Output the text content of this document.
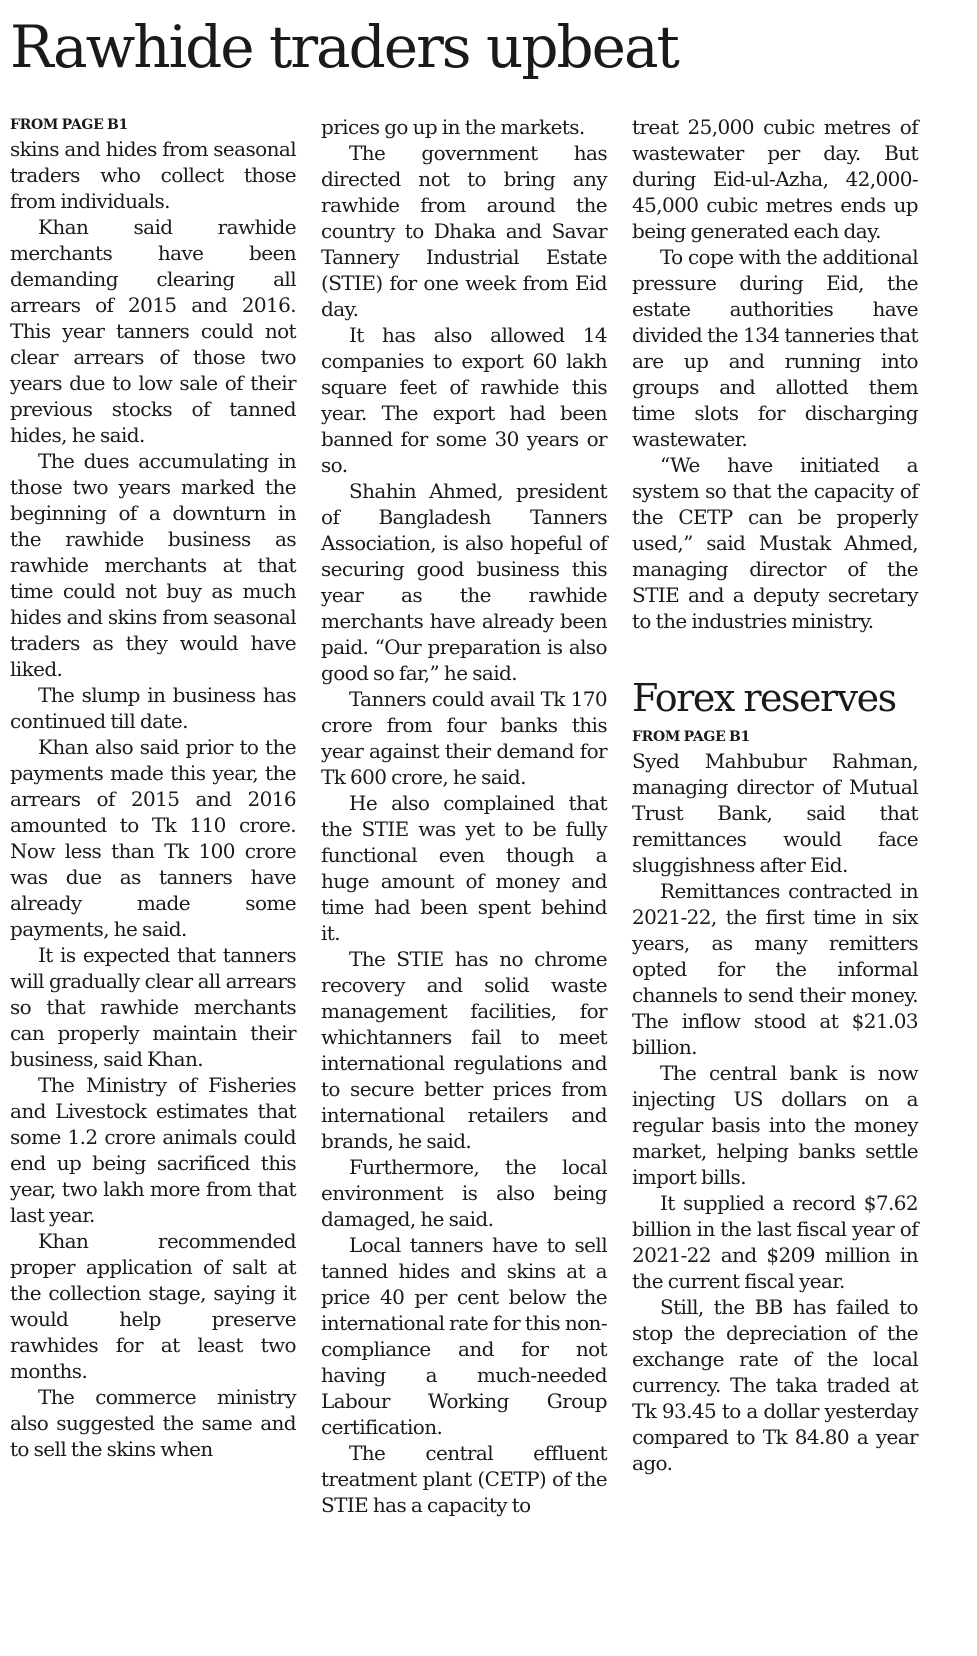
Rawhide traders upbeat
FROM PAGE B1

skins and hides from seasonal traders who collect those from individuals.

Khan said rawhide merchants have been demanding clearing all arrears of 2015 and 2016. This year tanners could not clear arrears of those two years due to low sale of their previous stocks of tanned hides, he said.

The dues accumulating in those two years marked the beginning of a downturn in the rawhide business as rawhide merchants at that time could not buy as much hides and skins from seasonal traders as they would have liked.

The slump in business has continued till date.

Khan also said prior to the payments made this year, the arrears of 2015 and 2016 amounted to Tk 110 crore. Now less than Tk 100 crore was due as tanners have already made some payments, he said.

It is expected that tanners will gradually clear all arrears so that rawhide merchants can properly maintain their business, said Khan.

The Ministry of Fisheries and Livestock estimates that some 1.2 crore animals could end up being sacrificed this year, two lakh more from that last year.

Khan recommended proper application of salt at the collection stage, saying it would help preserve rawhides for at least two months.

The commerce ministry also suggested the same and to sell the skins when

prices go up in the markets.

The government has directed not to bring any rawhide from around the country to Dhaka and Savar Tannery Industrial Estate (STIE) for one week from Eid day.

It has also allowed 14 companies to export 60 lakh square feet of rawhide this year. The export had been banned for some 30 years or so.

Shahin Ahmed, president of Bangladesh Tanners Association, is also hopeful of securing good business this year as the rawhide merchants have already been paid. “Our preparation is also good so far,” he said.

Tanners could avail Tk 170 crore from four banks this year against their demand for Tk 600 crore, he said.

He also complained that the STIE was yet to be fully functional even though a huge amount of money and time had been spent behind it.

The STIE has no chrome recovery and solid waste management facilities, for whichtanners fail to meet international regulations and to secure better prices from international retailers and brands, he said.

Furthermore, the local environment is also being damaged, he said.

Local tanners have to sell tanned hides and skins at a price 40 per cent below the international rate for this non-compliance and for not having a much-needed Labour Working Group certification.

The central effluent treatment plant (CETP) of the STIE has a capacity to

treat 25,000 cubic metres of wastewater per day. But during Eid-ul-Azha, 42,000-45,000 cubic metres ends up being generated each day.

To cope with the additional pressure during Eid, the estate authorities have divided the 134 tanneries that are up and running into groups and allotted them time slots for discharging wastewater.

“We have initiated a system so that the capacity of the CETP can be properly used,” said Mustak Ahmed, managing director of the STIE and a deputy secretary to the industries ministry.

Forex reserves
FROM PAGE B1

Syed Mahbubur Rahman, managing director of Mutual Trust Bank, said that remittances would face sluggishness after Eid.

Remittances contracted in 2021-22, the first time in six years, as many remitters opted for the informal channels to send their money. The inflow stood at $21.03 billion.

The central bank is now injecting US dollars on a regular basis into the money market, helping banks settle import bills.

It supplied a record $7.62 billion in the last fiscal year of 2021-22 and $209 million in the current fiscal year.

Still, the BB has failed to stop the depreciation of the exchange rate of the local currency. The taka traded at Tk 93.45 to a dollar yesterday compared to Tk 84.80 a year ago.
